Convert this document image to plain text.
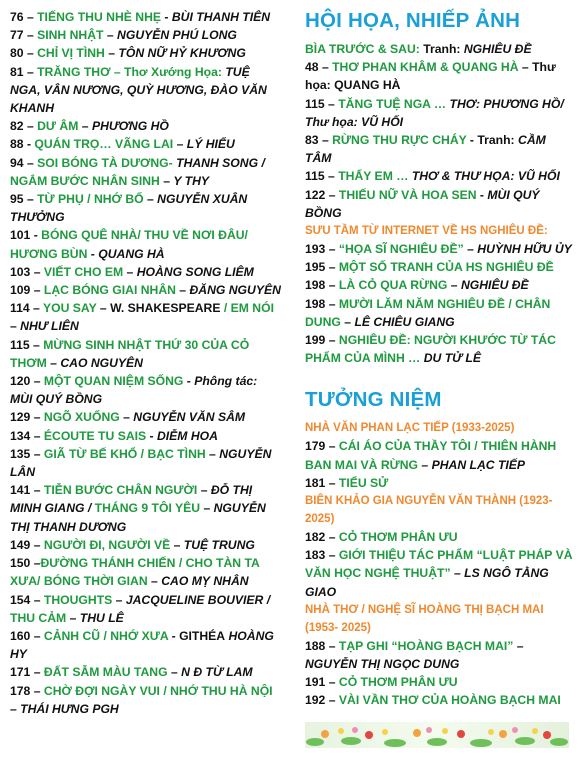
76 – TIẾNG THU NHÈ NHẸ - BÙI THANH TIÊN

77 – SINH NHẬT – NGUYỄN PHÚ LONG

80 – CHỈ VỊ TÌNH – TÔN NỮ HỶ KHƯƠNG

81 – TRĂNG THƠ – Thơ Xướng Họa: TUỆ NGA, VÂN NƯƠNG, QUỲ HƯƠNG, ĐÀO VĂN KHANH

82 – DƯ ÂM – PHƯƠNG HỒ

88 - QUÁN TRỌ… VÃNG LAI – LÝ HIỂU

94 – SOI BÓNG TÀ DƯƠNG- THANH SONG / NGẮM BƯỚC NHÂN SINH – Y THY

95 – TỪ PHỤ / NHỚ BỐ – NGUYỄN XUÂN THƯỞNG

101 - BÓNG QUÊ NHÀ/ THU VỀ NƠI ĐÂU/ HƯƠNG BÙN - QUANG HÀ

103 – VIẾT CHO EM – HOÀNG SONG LIÊM

109 – LẠC BÓNG GIAI NHÂN – ĐĂNG NGUYÊN

114 – YOU SAY – W. SHAKESPEARE / EM NÓI – NHƯ LIÊN

115 – MỪNG SINH NHẬT THỨ 30 CỦA CỎ THƠM – CAO NGUYÊN

120 – MỘT QUAN NIỆM SỐNG - Phông tác: MÙI QUÝ BỒNG

129 – NGÕ XUỐNG – NGUYỄN VĂN SÂM

134 – ÉCOUTE TU SAIS - DIỄM HOA

135 – GIÃ TỪ BẾ KHỔ / BẠC TÌNH – NGUYỄN LÂN

141 – TIỄN BƯỚC CHÂN NGƯỜI – ĐỖ THỊ MINH GIANG / THÁNG 9 TÔI YÊU – NGUYỄN THỊ THANH DƯƠNG

149 – NGƯỜI ĐI, NGƯỜI VỀ – TUỆ TRUNG

150 –ĐƯỜNG THÁNH CHIẾN / CHO TÀN TA XƯA/ BÓNG THỜI GIAN – CAO MỴ NHÂN

154 – THOUGHTS – JACQUELINE BOUVIER / THU CẢM – THU LÊ

160 – CẢNH CŨ / NHỚ XƯA - GITHÉA HOÀNG HY

171 – ĐẤT SẪM MÀU TANG – N Đ TỪ LAM

178 – CHỜ ĐỢI NGÀY VUI / NHỚ THU HÀ NỘI – THÁI HƯNG PGH

HỘI HỌA, NHIẾP ẢNH

BÌA TRƯỚC & SAU: Tranh: NGHIÊU ĐỀ

48 – THƠ PHAN KHÂM & QUANG HÀ – Thư họa: QUANG HÀ

115 – TĂNG TUỆ NGA … THƠ: PHƯƠNG HỒ/ Thư họa: VŨ HỐI

83 – RỪNG THU RỰC CHÁY - Tranh: CẦM TÂM

115 – THẤY EM … THƠ & THƯ HỌA: VŨ HỐI

122 – THIẾU NỮ VÀ HOA SEN - MÙI QUÝ BỒNG

SƯU TẦM TỪ INTERNET VỀ HS NGHIÊU ĐỀ:

193 – “HỌA SĨ NGHIÊU ĐỀ” – HUỲNH HỮU ỦY

195 – MỘT SỐ TRANH CỦA HS NGHIÊU ĐỀ

198 – LÀ CỎ QUA RỪNG – NGHIÊU ĐỀ

198 – MƯỜI LĂM NĂM NGHIÊU ĐỀ / CHÂN DUNG – LÊ CHIÊU GIANG

199 – NGHIÊU ĐỀ: NGƯỜI KHƯỚC TỪ TÁC PHẨM CỦA MÌNH … DU TỬ LÊ

TƯỞNG NIỆM

NHÀ VĂN PHAN LẠC TIẾP (1933-2025)

179 – CÁI ÁO CỦA THẦY TÔI / THIÊN HÀNH BAN MAI VÀ RỪNG – PHAN LẠC TIẾP

181 – TIỂU SỬ

BIÊN KHẢO GIA NGUYỄN VĂN THÀNH (1923-2025)

182 – CỎ THƠM PHÂN ƯU

183 – GIỚI THIỆU TÁC PHẨM “LUẬT PHÁP VÀ VĂN HỌC NGHỆ THUẬT” – LS NGÔ TẰNG GIAO

NHÀ THƠ / NGHỆ SĨ HOÀNG THỊ BẠCH MAI (1953- 2025)

188 – TẠP GHI “HOÀNG BẠCH MAI” – NGUYỄN THỊ NGỌC DUNG

191 – CỎ THƠM PHÂN ƯU

192 – VÀI VẦN THƠ CỦA HOÀNG BẠCH MAI
